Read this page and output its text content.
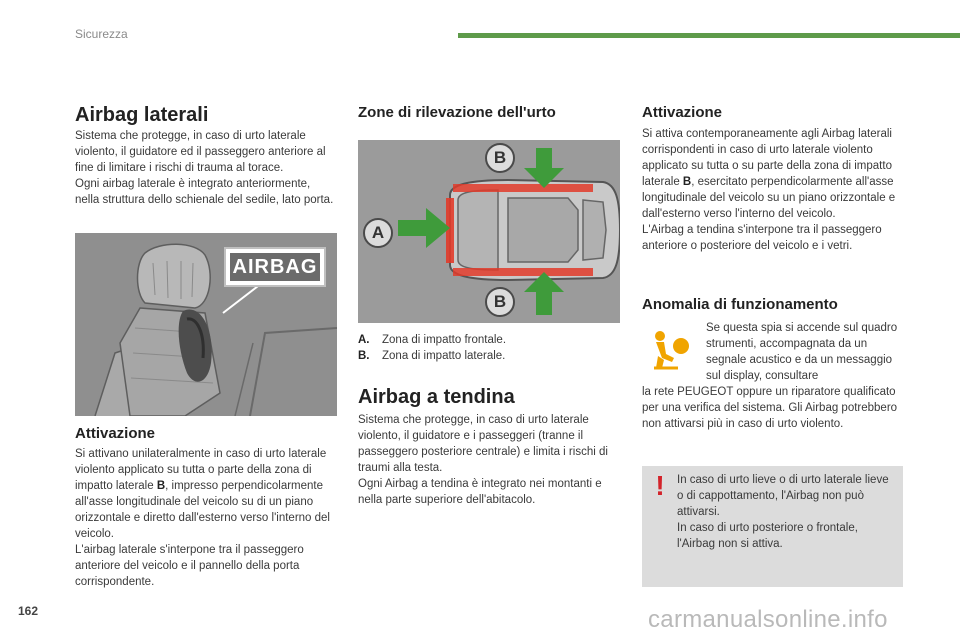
Sicurezza
Airbag laterali
Sistema che protegge, in caso di urto laterale violento, il guidatore ed il passeggero anteriore al fine di limitare i rischi di trauma al torace.
Ogni airbag laterale è integrato anteriormente, nella struttura dello schienale del sedile, lato porta.
AIRBAG
Attivazione
Si attivano unilateralmente in caso di urto laterale violento applicato su tutta o parte della zona di impatto laterale B, impresso perpendicolarmente all'asse longitudinale del veicolo su di un piano orizzontale e diretto dall'esterno verso l'interno del veicolo.
L'airbag laterale s'interpone tra il passeggero anteriore del veicolo e il pannello della porta corrispondente.
Zone di rilevazione dell'urto
A
B
B
A.	Zona di impatto frontale.
B.	Zona di impatto laterale.
Airbag a tendina
Sistema che protegge, in caso di urto laterale violento, il guidatore e i passeggeri (tranne il passeggero posteriore centrale) e limita i rischi di traumi alla testa.
Ogni Airbag a tendina è integrato nei montanti e nella parte superiore dell'abitacolo.
Attivazione
Si attiva contemporaneamente agli Airbag laterali corrispondenti in caso di urto laterale violento applicato su tutta o su parte della zona di impatto laterale B, esercitato perpendicolarmente all'asse longitudinale del veicolo su un piano orizzontale e dall'esterno verso l'interno del veicolo.
L'Airbag a tendina s'interpone tra il passeggero anteriore o posteriore del veicolo e i vetri.
Anomalia di funzionamento
Se questa spia si accende sul quadro strumenti, accompagnata da un segnale acustico e da un messaggio sul display, consultare
la rete PEUGEOT oppure un riparatore qualificato per una verifica del sistema. Gli Airbag potrebbero non attivarsi più in caso di urto violento.
!	In caso di urto lieve o di urto laterale lieve o di cappottamento, l'Airbag non può attivarsi.
In caso di urto posteriore o frontale, l'Airbag non si attiva.
162	carmanualsonline.info
